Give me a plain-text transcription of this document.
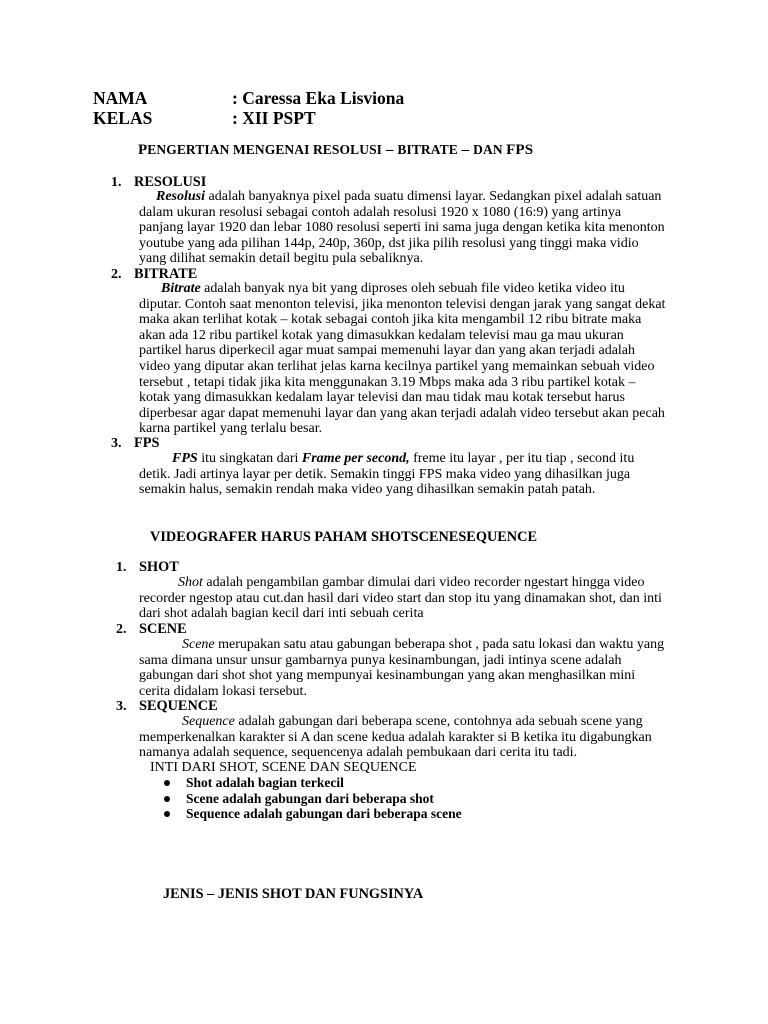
NAMA	: Caressa Eka Lisviona
KELAS	: XII PSPT
PENGERTIAN MENGENAI RESOLUSI – BITRATE – DAN FPS
1. RESOLUSI
Resolusi adalah banyaknya pixel pada suatu dimensi layar. Sedangkan pixel adalah satuan
dalam ukuran resolusi sebagai contoh adalah resolusi 1920 x 1080 (16:9) yang artinya
panjang layar 1920 dan lebar 1080 resolusi seperti ini sama juga dengan ketika kita menonton
youtube yang ada pilihan 144p, 240p, 360p, dst jika pilih resolusi yang tinggi maka vidio
yang dilihat semakin detail begitu pula sebaliknya.
2. BITRATE
Bitrate adalah banyak nya bit yang diproses oleh sebuah file video ketika video itu
diputar. Contoh saat menonton televisi, jika menonton televisi dengan jarak yang sangat dekat
maka akan terlihat kotak – kotak sebagai contoh jika kita mengambil 12 ribu bitrate maka
akan ada 12 ribu partikel kotak yang dimasukkan kedalam televisi mau ga mau ukuran
partikel harus diperkecil agar muat sampai memenuhi layar dan yang akan terjadi adalah
video yang diputar akan terlihat jelas karna kecilnya partikel yang memainkan sebuah video
tersebut , tetapi tidak jika kita menggunakan 3.19 Mbps maka ada 3 ribu partikel kotak –
kotak yang dimasukkan kedalam layar televisi dan mau tidak mau kotak tersebut harus
diperbesar agar dapat memenuhi layar dan yang akan terjadi adalah video tersebut akan pecah
karna partikel yang terlalu besar.
3. FPS
FPS itu singkatan dari Frame per second, freme itu layar , per itu tiap , second itu
detik. Jadi artinya layar per detik. Semakin tinggi FPS maka video yang dihasilkan juga
semakin halus, semakin rendah maka video yang dihasilkan semakin patah patah.
VIDEOGRAFER HARUS PAHAM SHOTSCENESEQUENCE
1. SHOT
Shot adalah pengambilan gambar dimulai dari video recorder ngestart hingga video
recorder ngestop atau cut.dan hasil dari video start dan stop itu yang dinamakan shot, dan inti
dari shot adalah bagian kecil dari inti sebuah cerita
2. SCENE
Scene merupakan satu atau gabungan beberapa shot , pada satu lokasi dan waktu yang
sama dimana unsur unsur gambarnya punya kesinambungan, jadi intinya scene adalah
gabungan dari shot shot yang mempunyai kesinambungan yang akan menghasilkan mini
cerita didalam lokasi tersebut.
3. SEQUENCE
Sequence adalah gabungan dari beberapa scene, contohnya ada sebuah scene yang
memperkenalkan karakter si A dan scene kedua adalah karakter si B ketika itu digabungkan
namanya adalah sequence, sequencenya adalah pembukaan dari cerita itu tadi.
INTI DARI SHOT, SCENE DAN SEQUENCE
Shot adalah bagian terkecil
Scene adalah gabungan dari beberapa shot
Sequence adalah gabungan dari beberapa scene
JENIS – JENIS SHOT DAN FUNGSINYA
